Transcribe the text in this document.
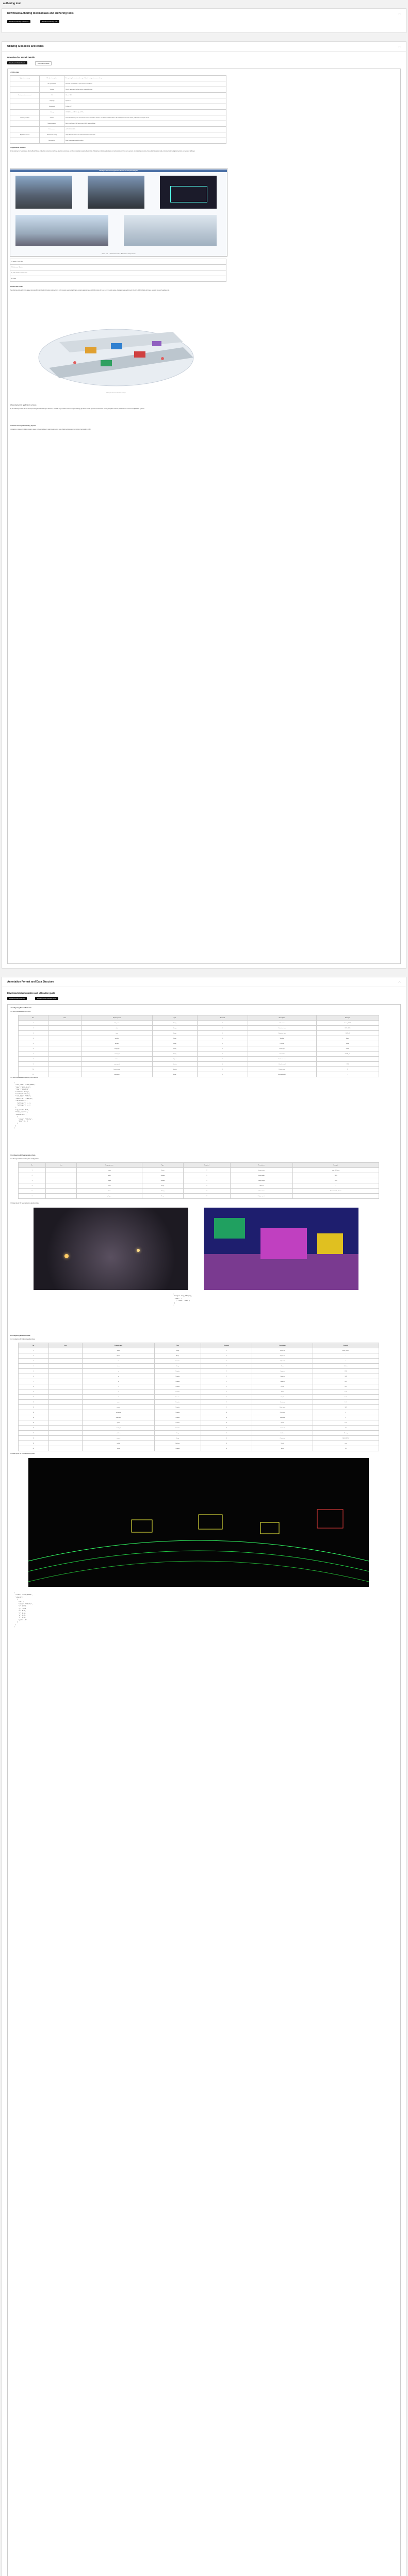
authoring tool
Download authoring tool manuals and authoring tools	︿
Download authoring tool manual	Download authoring tools
Utilizing AI models and codes	︿
Download AI Model Details
Download AI Model Details	Download AI Model
1. Utilize data
Application category	3D object recognition	Recognizing the location and range of objects during autonomous driving
	3D segmentation	Semantic segmentation of point cloud for road objects
	Tracking	Vehicle / pedestrian tracking across sequential frames
Development environment	OS	Ubuntu 18.04
	Language	Python 3.7
	Framework	PyTorch 1.7
	Library	CUDA 11.0, cuDNN 8.0, OpenPCDet
Learning condition	Dataset	Data collected using Lidar and Camera sensors mounted on vehicles. The dataset includes labels in 3D bounding box format for vehicle, pedestrian and bicycle classes.
	Hyperparameter	Batch size 4, epoch 80, learning rate 0.003, optimizer Adam
	Performance	mAP 0.62 (IoU 0.5)
Application service	Autonomous driving	Object detection module for autonomous vehicle perception
	Infrastructure	Road monitoring and traffic analysis
2. Application Services
(1) Development of Autonomous Driving Model Based on Electric Autonomous Vehicles. Electric autonomous vehicles constantly recognize the location of obstacles including pedestrians and surrounding vehicles using sensors. (2) Improving accuracy of detection for various road environments including intersections, tunnels and highways.
3D Object Detection Application Service Conceptual Diagram
Sensor data → 3D detection model → Autonomous driving decision
1) Vehicle / Truck / Bus
2) Pedestrian / Bicycle
3) Traffic facilities / Construction
4) Others
3. Lidar data model
The Lidar data included in this dataset provides 3D point cloud information collected from roof-mounted sensors. Each frame contains approximately 120,000 points with x, y, z and intensity values. Annotation was performed in the form of 3D cuboids with class, position, size and heading angle.
Lidar point cloud visualization example
4. Development of application services
(1) The following models can be developed using this data: 3D object detection, semantic segmentation and multi-object tracking. (2) Models can be applied to autonomous driving perception modules, infrastructure sensors and digital twin systems.
5. Vehicle Concept Monitoring System
Information on objects (including location, speed and type) is fused in real time to support safe driving decisions and monitoring of surrounding traffic.
Annotation Format and Data Structure	︿
Download documentation and utilization guide
Download Data Dictionary	Download Data Utilization Guide
1. Configuring Source Metadata
1-1. Source Metadata Specification
No.	Item	Property name	Type	Required	Description	Example
1		file_name	String	Y	File name	frame_00001
2		date	String	Y	Collection date	2021-08-15
3		time	String	Y	Collection time	14:23:01
4		weather	String	Y	Weather	Sunny
5		location	String	Y	Location	Seoul
6		road_type	String	Y	Road type	Urban
7		sensor_id	String	Y	Sensor ID	LIDAR_01
8		calibration	Object	Y	Calibration info	-
9		ego_speed	Number	N	Vehicle speed	32.4
10		frame_count	Number	Y	Frame count	1
11		annotation	Array	Y	Annotation list	-
1-2. Source Metadata Properties (JSON format)
{
"file_name": "frame_00001",
"date": "2021-08-15",
"time": "14:23:01",
"weather": "Sunny",
"location": "Seoul",
"road_type": "Urban",
"sensor_id": "LIDAR_01",
"calibration": {
"extrinsic": [...],
"intrinsic": [...]
},
"ego_speed": 32.4,
"frame_count": 1,
"annotation": [
{
"class": "Vehicle",
"bbox": [...]
}
]
}
2. Configuring 2D Segmentation Data
2-1. 2D segmentation labeling data configuration
No.	Item	Property name	Type	Required	Description	Example
1		image	String	Y	Image name	img_0001.png
2		width	Number	Y	Image width	1920
3		height	Number	Y	Image height	1080
4		label	Array	Y	Label list	-
5		class	String	Y	Class name	Road, Vehicle, Person
6		polygon	Array	Y	Polygon points	-
2-2. Example of 2D Segmentation Labeling Data
{
"image": "img_0001.png",
"label": [
{ "class": "Road" }
]
}
3. Configuring 3D Detect Data
3-1. Configuring 3D Cuboid Labeling Data
No.	Item	Property name	Type	Required	Description	Example
1		frame	String	Y	Frame id	frame_00001
2		objects	Array	Y	Object list	-
3		id	Number	Y	Object id	1
4		class	String	Y	Class	Vehicle
5		x	Number	Y	Center x	12.31
6		y	Number	Y	Center y	-3.42
7		z	Number	Y	Center z	0.85
8		l	Number	Y	Length	4.52
9		w	Number	Y	Width	1.86
10		h	Number	Y	Height	1.52
11		yaw	Number	Y	Heading	1.57
12		points	Number	Y	Point count	342
13		occlusion	Number	N	Occlusion	0
14		truncation	Number	N	Truncation	0
15		speed	Number	N	Speed	12.5
16		track_id	Number	N	Track id	17
17		attribute	String	N	Attribute	Moving
18		camera	String	N	Camera id	CAM_FRONT
19		visible	Boolean	N	Visible	true
20		score	Number	N	Score	1.0
3-2. Example of 3D Cuboid Labeling Data
{
"frame": "frame_00001",
"objects": [
{
"id": 1,
"class": "Vehicle",
"x": 12.31,
"y": -3.42,
"z": 0.85,
"l": 4.52,
"w": 1.86,
"h": 1.52,
"yaw": 1.57
}
]
}
